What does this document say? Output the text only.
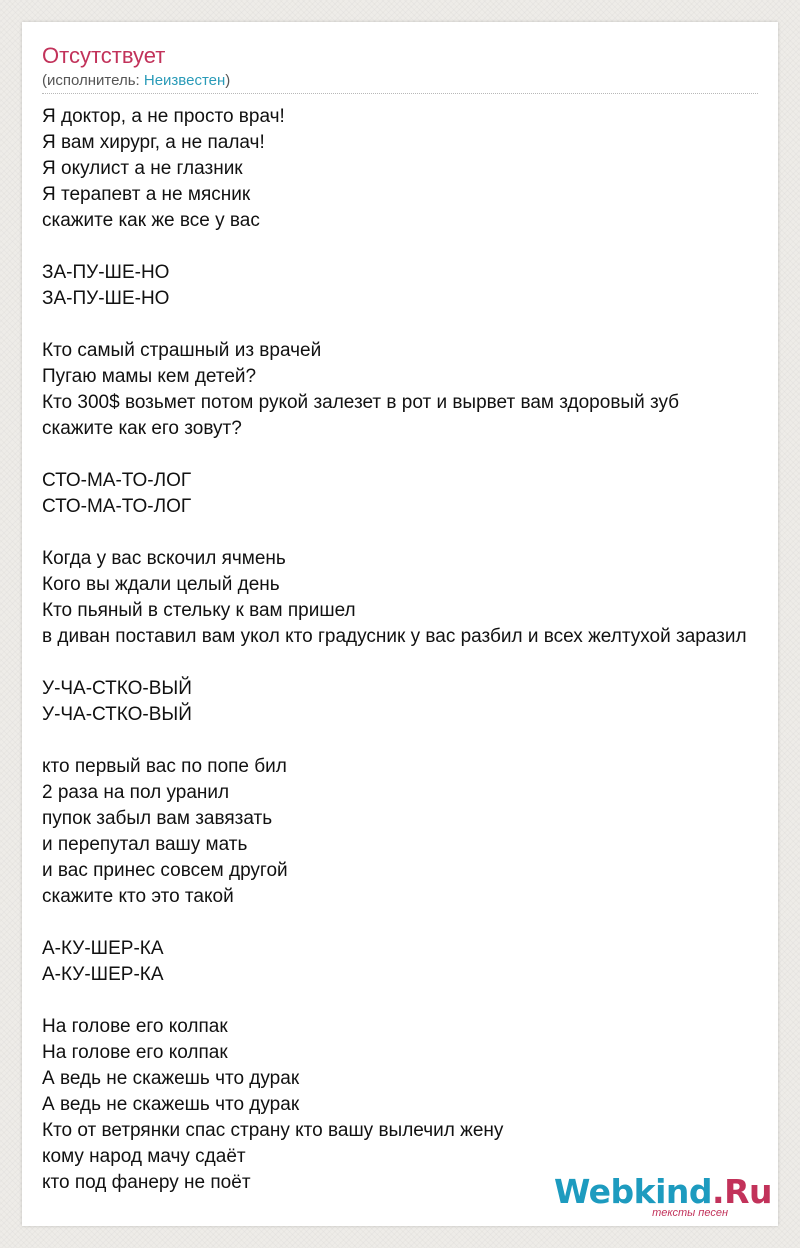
Отсутствует
(исполнитель: Неизвестен)
Я доктор, а не просто врач!
Я вам хирург, а не палач!
Я окулист а не глазник
Я терапевт а не мясник
скажите как же все у вас
ЗА-ПУ-ШЕ-НО
ЗА-ПУ-ШЕ-НО
Кто самый страшный из врачей
Пугаю мамы кем детей?
Кто 300$ возьмет потом рукой залезет в рот и вырвет вам здоровый зуб
скажите как его зовут?
СТО-МА-ТО-ЛОГ
СТО-МА-ТО-ЛОГ
Когда у вас вскочил ячмень
Кого вы ждали целый день
Кто пьяный в стельку к вам пришел
в диван поставил вам укол кто градусник у вас разбил и всех желтухой заразил
У-ЧА-СТКО-ВЫЙ
У-ЧА-СТКО-ВЫЙ
кто первый вас по попе бил
2 раза на пол уранил
пупок забыл вам завязать
и перепутал вашу мать
и вас принес совсем другой
скажите кто это такой
А-КУ-ШЕР-КА
А-КУ-ШЕР-КА
На голове его колпак
На голове его колпак
А ведь не скажешь что дурак
А ведь не скажешь что дурак
Кто от ветрянки спас страну кто вашу вылечил жену
кому народ мачу сдаёт
кто под фанеру не поёт	Webkind.Ru
тексты песен
